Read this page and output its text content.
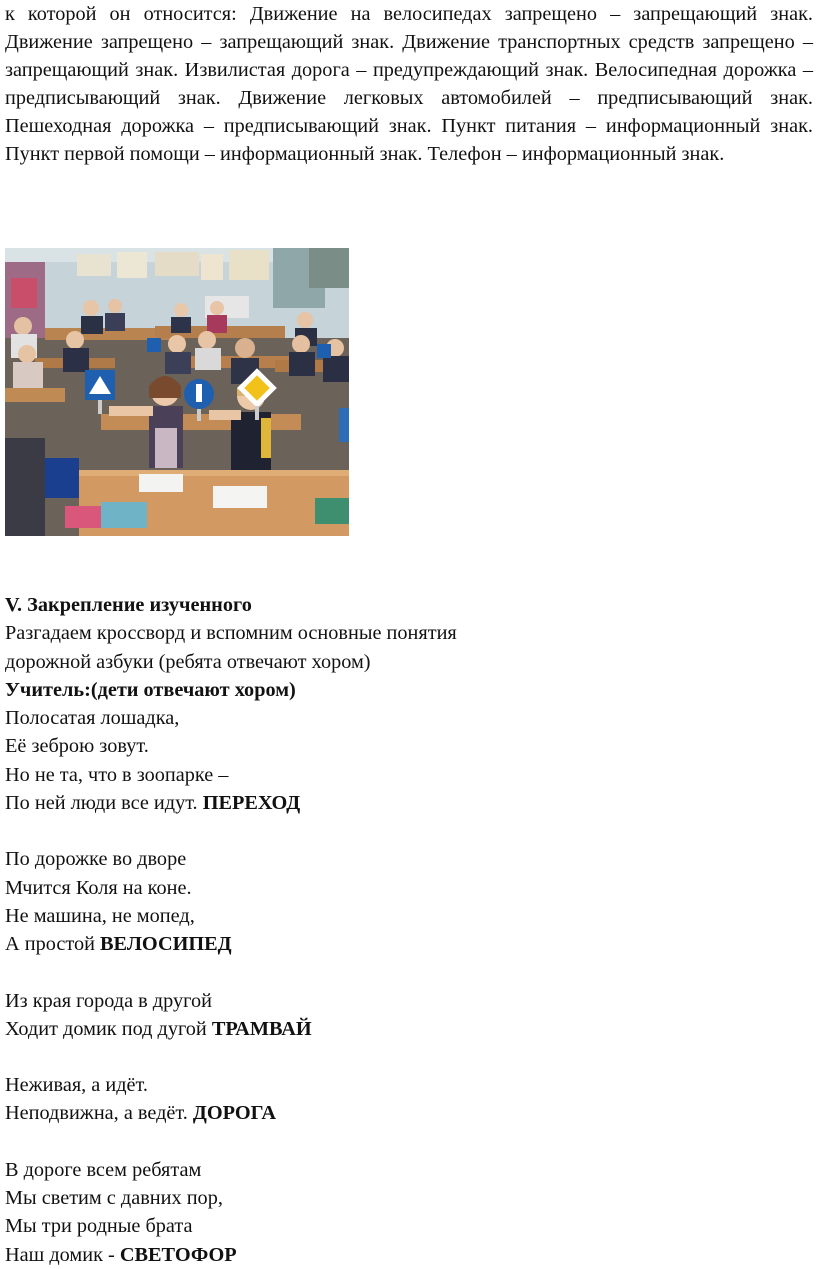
к которой он относится: Движение на велосипедах запрещено – запрещающий знак. Движение запрещено – запрещающий знак. Движение транспортных средств запрещено – запрещающий знак. Извилистая дорога – предупреждающий знак. Велосипедная дорожка – предписывающий знак. Движение легковых автомобилей – предписывающий знак. Пешеходная дорожка – предписывающий знак. Пункт питания – информационный знак. Пункт первой помощи – информационный знак. Телефон – информационный знак.

V. Закрепление изученного

Разгадаем кроссворд и вспомним основные понятия

дорожной азбуки (ребята отвечают хором)

Учитель:(дети отвечают хором)

Полосатая лошадка,

Её зеброю зовут.

Но не та, что в зоопарке –

По ней люди все идут. ПЕРЕХОД

По дорожке во дворе

Мчится Коля на коне.

Не машина, не мопед,

А простой ВЕЛОСИПЕД

Из края города в другой

Ходит домик под дугой ТРАМВАЙ

Неживая, а идёт.

Неподвижна, а ведёт. ДОРОГА

В дороге всем ребятам

Мы светим с давних пор,

Мы три родные брата

Наш домик - СВЕТОФОР
